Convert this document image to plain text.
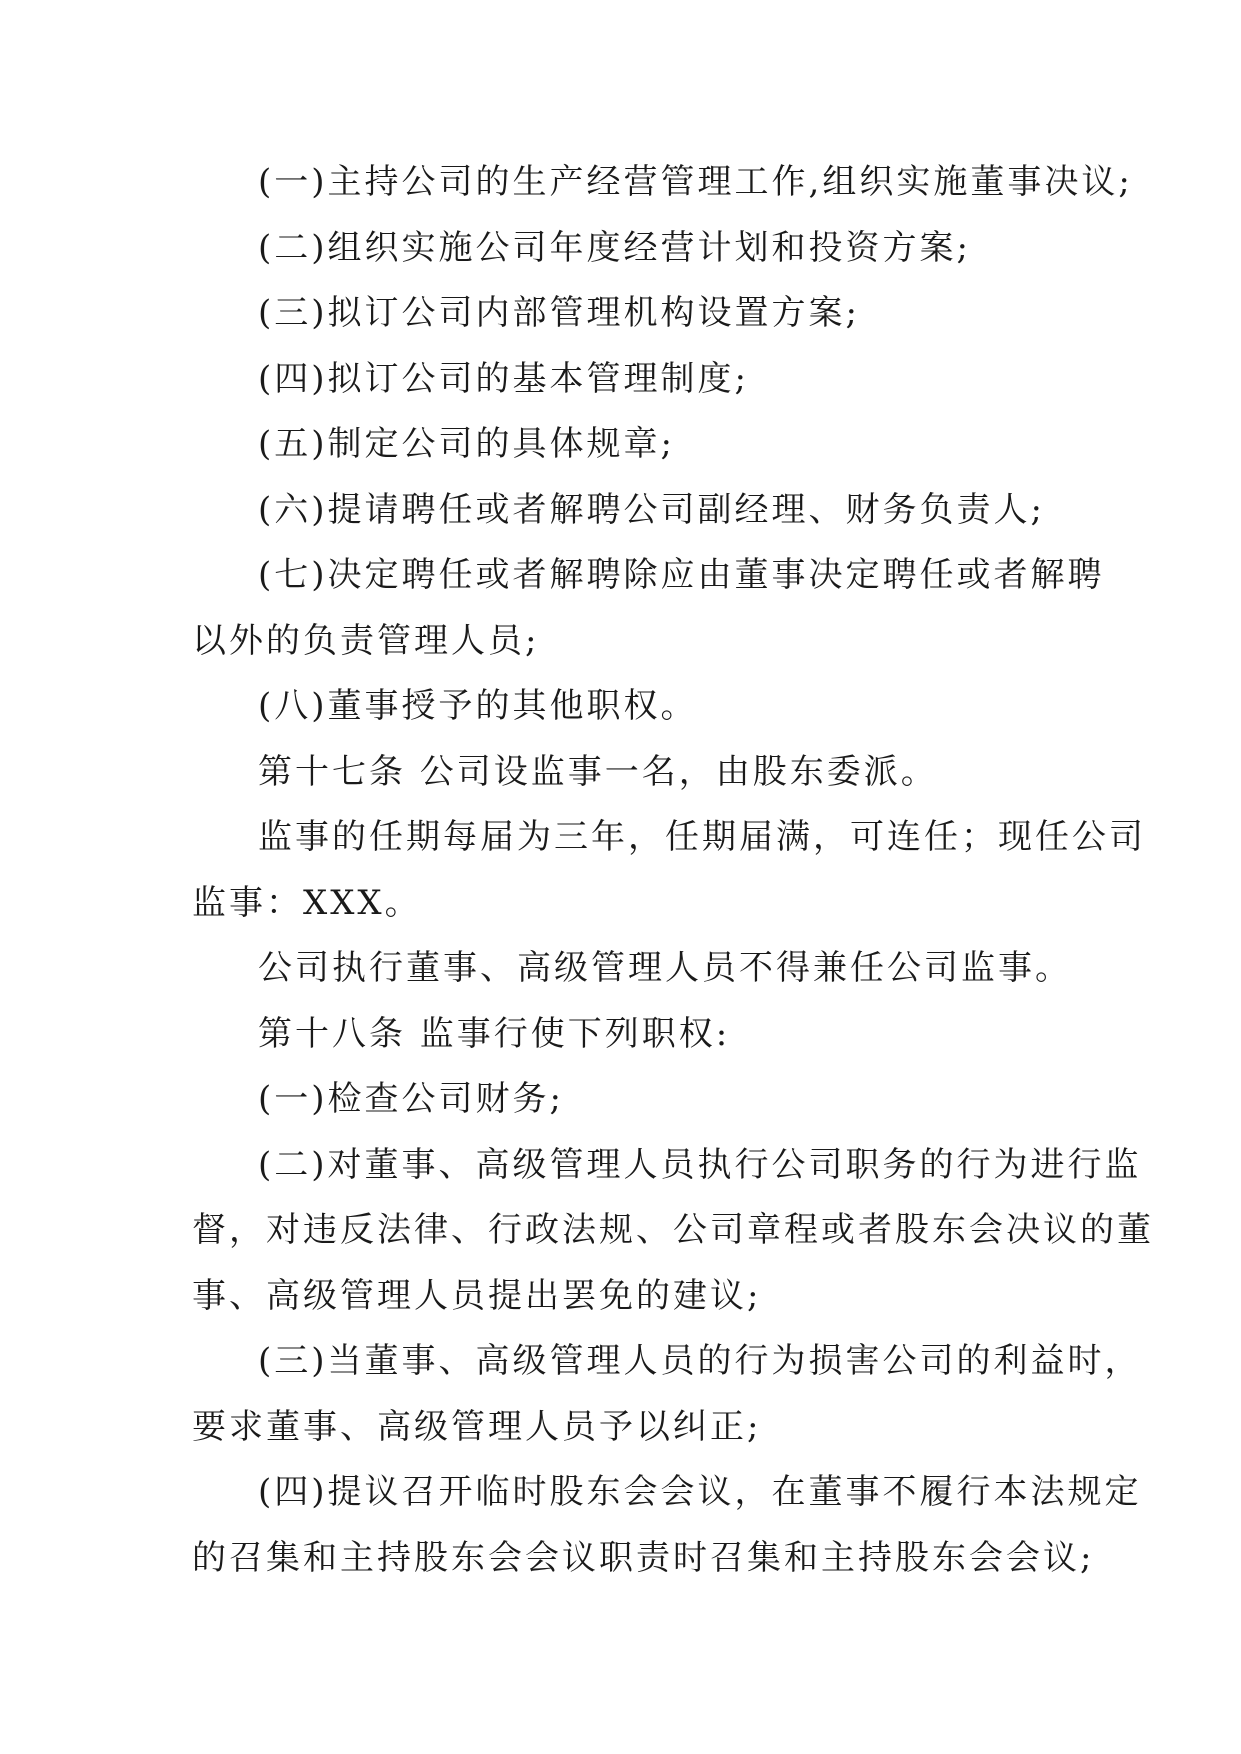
(一)主持公司的生产经营管理工作,组织实施董事决议;
(二)组织实施公司年度经营计划和投资方案;
(三)拟订公司内部管理机构设置方案;
(四)拟订公司的基本管理制度;
(五)制定公司的具体规章;
(六)提请聘任或者解聘公司副经理、财务负责人;
(七)决定聘任或者解聘除应由董事决定聘任或者解聘
以外的负责管理人员;
(八)董事授予的其他职权。
第十七条 公司设监事一名，由股东委派。
监事的任期每届为三年，任期届满，可连任；现任公司
监事：XXX。
公司执行董事、高级管理人员不得兼任公司监事。
第十八条 监事行使下列职权:
(一)检查公司财务;
(二)对董事、高级管理人员执行公司职务的行为进行监
督，对违反法律、行政法规、公司章程或者股东会决议的董
事、高级管理人员提出罢免的建议;
(三)当董事、高级管理人员的行为损害公司的利益时，
要求董事、高级管理人员予以纠正;
(四)提议召开临时股东会会议，在董事不履行本法规定
的召集和主持股东会会议职责时召集和主持股东会会议;
